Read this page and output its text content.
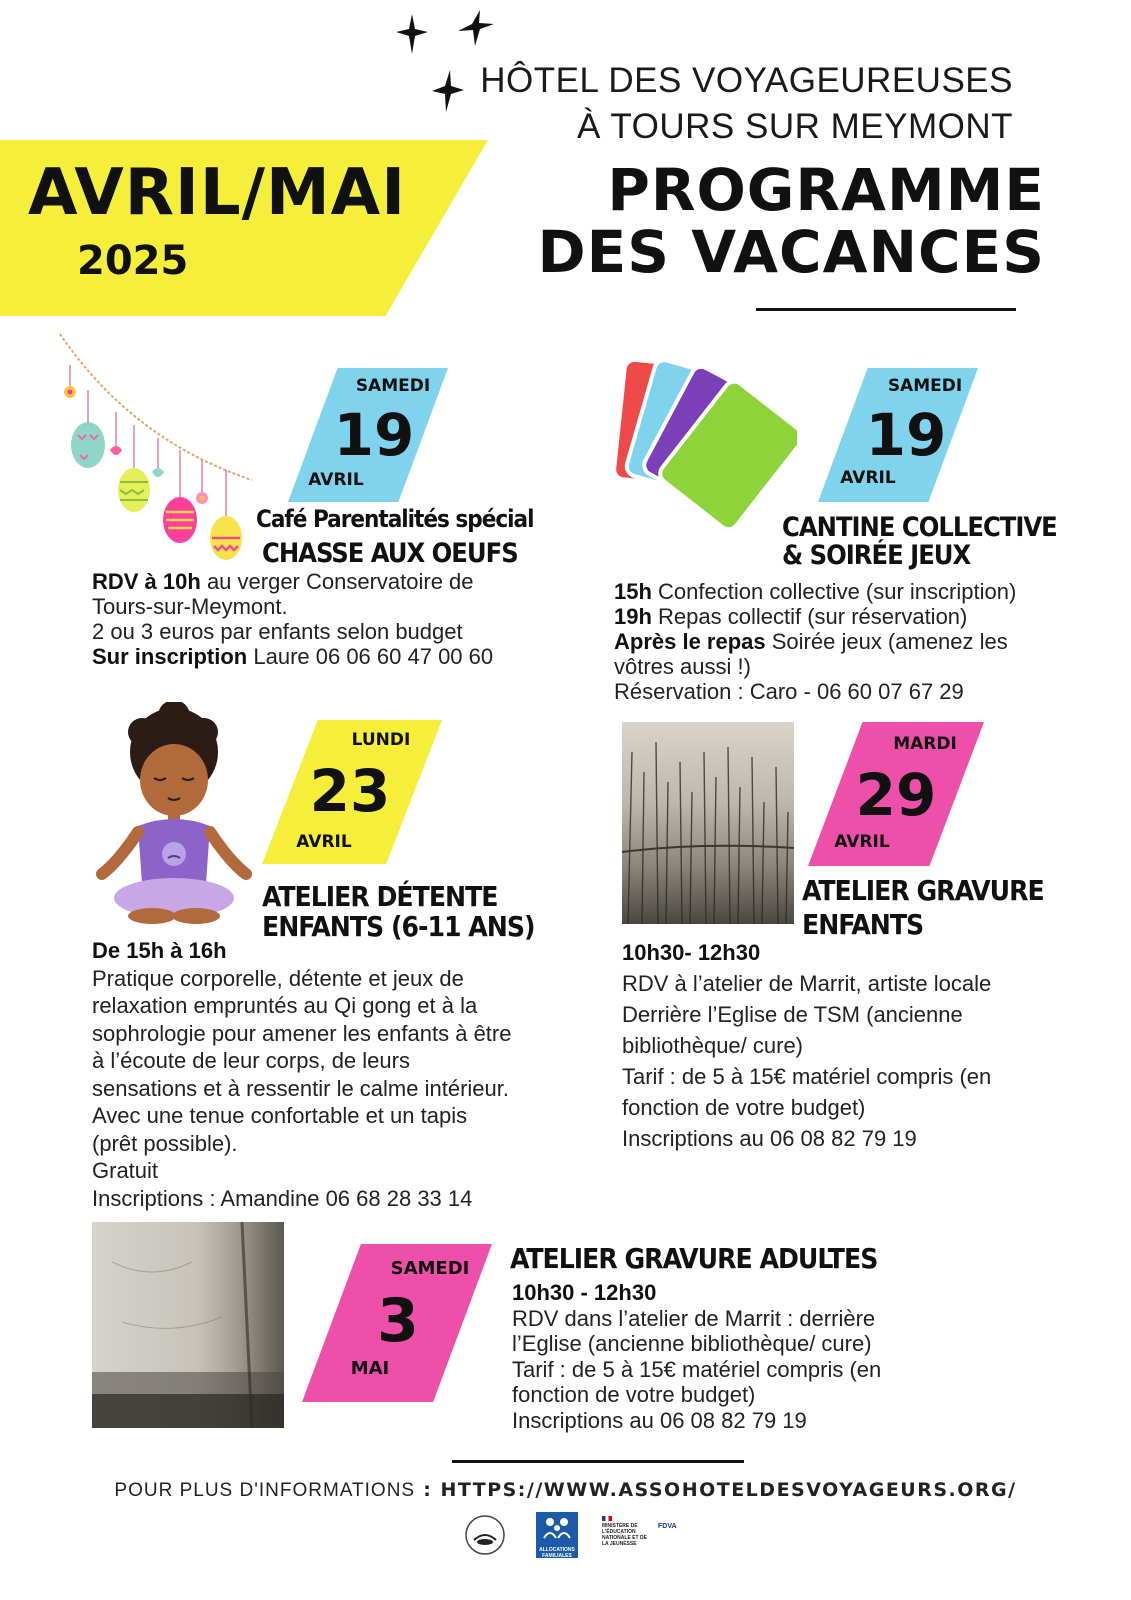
HÔTEL DES VOYAGEUREUSES
À TOURS SUR MEYMONT
AVRIL/MAI
2025
PROGRAMME
DES VACANCES
SAMEDI
19
AVRIL
Café Parentalités spécial
CHASSE AUX OEUFS
RDV à 10h au verger Conservatoire de
Tours-sur-Meymont.
2 ou 3 euros par enfants selon budget
Sur inscription Laure 06 06 60 47 00 60
SAMEDI
19
AVRIL
CANTINE COLLECTIVE
& SOIRÉE JEUX
15h Confection collective (sur inscription)
19h Repas collectif (sur réservation)
Après le repas Soirée jeux (amenez les
vôtres aussi !)
Réservation : Caro - 06 60 07 67 29
LUNDI
23
AVRIL
ATELIER DÉTENTE
ENFANTS (6-11 ANS)
De 15h à 16h
Pratique corporelle, détente et jeux de
relaxation empruntés au Qi gong et à la
sophrologie pour amener les enfants à être
à l’écoute de leur corps, de leurs
sensations et à ressentir le calme intérieur.
Avec une tenue confortable et un tapis
(prêt possible).
Gratuit
Inscriptions : Amandine 06 68 28 33 14
MARDI
29
AVRIL
ATELIER GRAVURE
ENFANTS
10h30- 12h30
RDV à l’atelier de Marrit, artiste locale
Derrière l’Eglise de TSM (ancienne
bibliothèque/ cure)
Tarif : de 5 à 15€ matériel compris (en
fonction de votre budget)
Inscriptions au 06 08 82 79 19
SAMEDI
3
MAI
ATELIER GRAVURE ADULTES
10h30 - 12h30
RDV dans l’atelier de Marrit : derrière
l’Eglise (ancienne bibliothèque/ cure)
Tarif : de 5 à 15€ matériel compris (en
fonction de votre budget)
Inscriptions au 06 08 82 79 19
POUR PLUS D'INFORMATIONS : HTTPS://WWW.ASSOHOTELDESVOYAGEURS.ORG/
ALLOCATIONS FAMILIALES
MINISTÈRE DE L'ÉDUCATION NATIONALE ET DE LA JEUNESSE
FDVA
